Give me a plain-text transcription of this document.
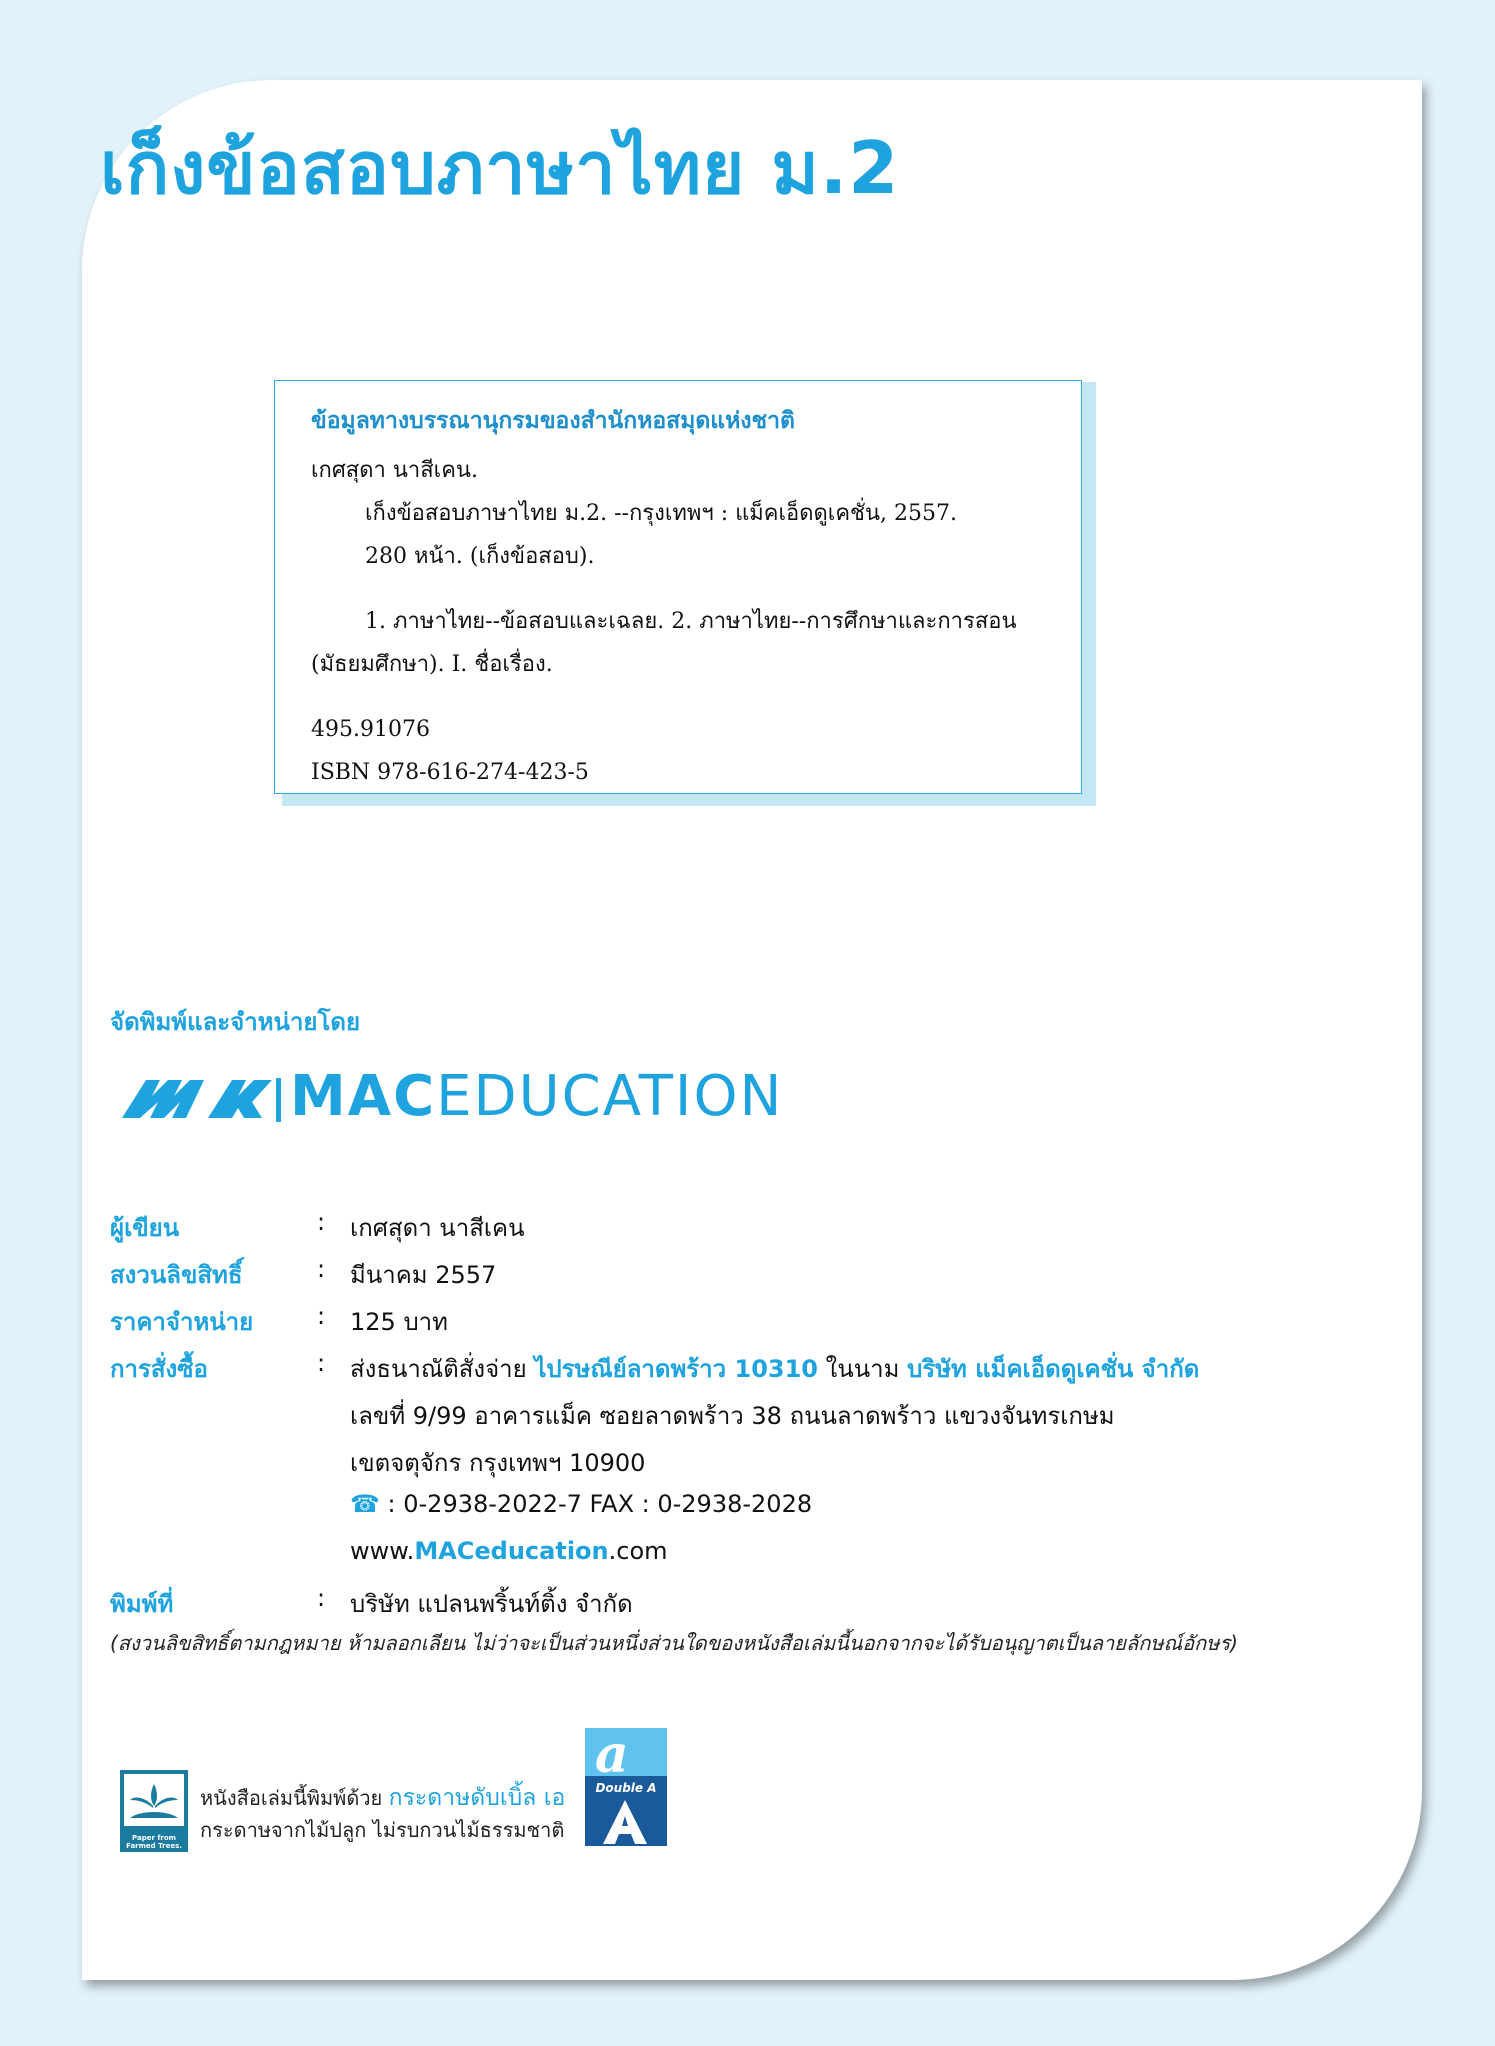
เก็งข้อสอบภาษาไทย ม.2
ข้อมูลทางบรรณานุกรมของสำนักหอสมุดแห่งชาติ
เกศสุดา นาสีเคน.
เก็งข้อสอบภาษาไทย ม.2. --กรุงเทพฯ : แม็คเอ็ดดูเคชั่น, 2557.
280 หน้า. (เก็งข้อสอบ).
1. ภาษาไทย--ข้อสอบและเฉลย. 2. ภาษาไทย--การศึกษาและการสอน
(มัธยมศึกษา). I. ชื่อเรื่อง.
495.91076
ISBN 978-616-274-423-5
จัดพิมพ์และจำหน่ายโดย
MACEDUCATION
ผู้เขียน	: เกศสุดา นาสีเคน
สงวนลิขสิทธิ์	: มีนาคม 2557
ราคาจำหน่าย	: 125 บาท
การสั่งซื้อ	: ส่งธนาณัติสั่งจ่าย ไปรษณีย์ลาดพร้าว 10310 ในนาม บริษัท แม็คเอ็ดดูเคชั่น จำกัด
เลขที่ 9/99 อาคารแม็ค ซอยลาดพร้าว 38 ถนนลาดพร้าว แขวงจันทรเกษม
เขตจตุจักร กรุงเทพฯ 10900
☎ : 0-2938-2022-7 FAX : 0-2938-2028
www.MACeducation.com
พิมพ์ที่	: บริษัท แปลนพริ้นท์ติ้ง จำกัด
(สงวนลิขสิทธิ์ตามกฎหมาย ห้ามลอกเลียน ไม่ว่าจะเป็นส่วนหนึ่งส่วนใดของหนังสือเล่มนี้นอกจากจะได้รับอนุญาตเป็นลายลักษณ์อักษร)
Paper from
Farmed Trees.
หนังสือเล่มนี้พิมพ์ด้วย กระดาษดับเบิ้ล เอ
กระดาษจากไม้ปลูก ไม่รบกวนไม้ธรรมชาติ
a
Double A
